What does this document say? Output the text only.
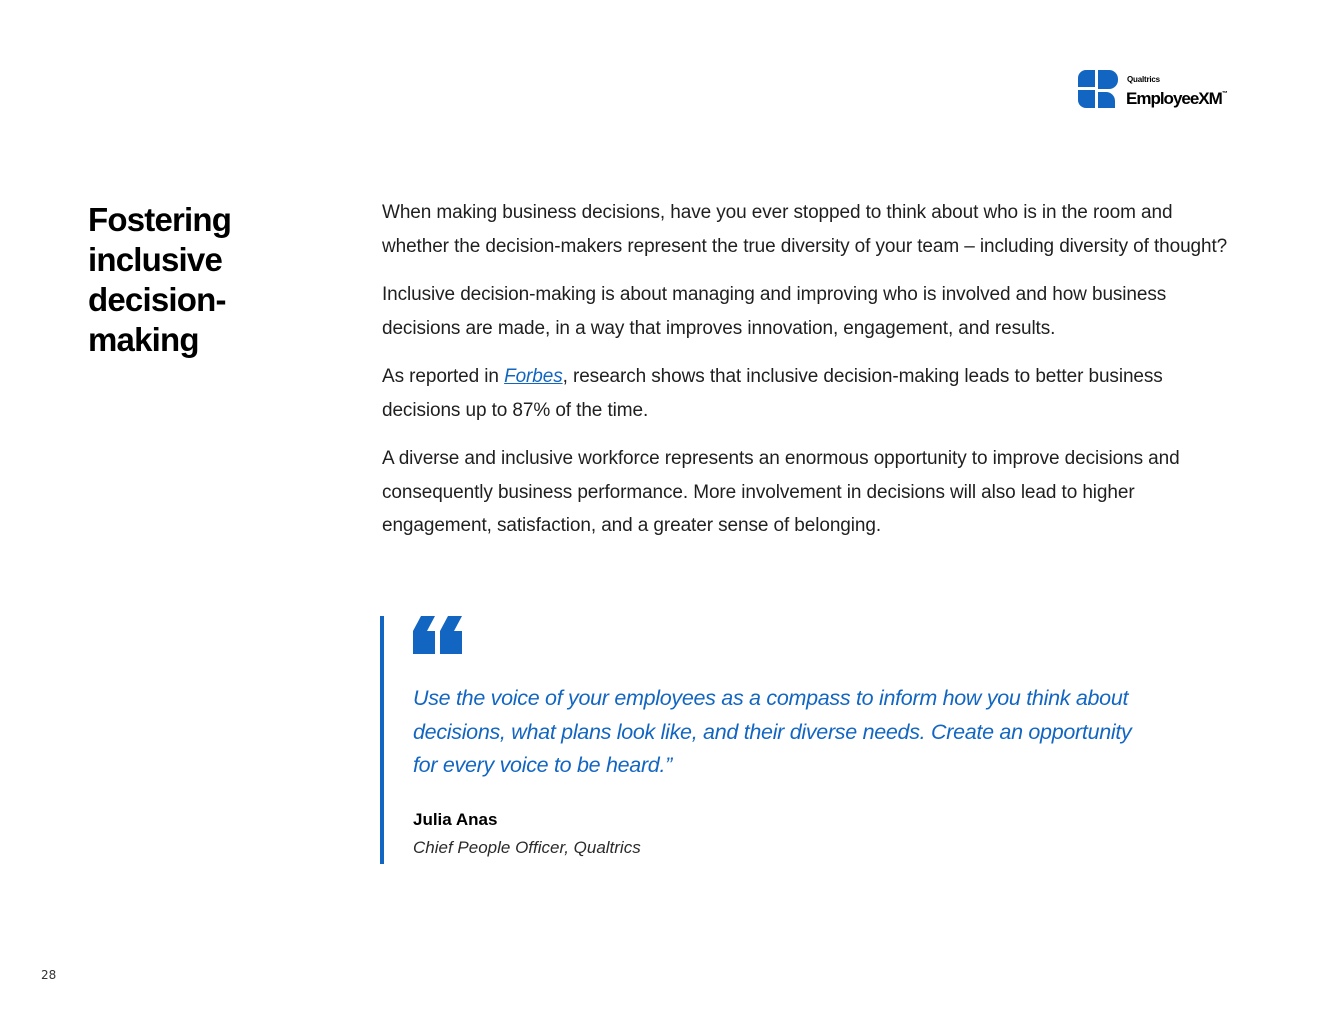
Qualtrics
EmployeeXM™
Fostering
inclusive
decision-
making

When making business decisions, have you ever stopped to think about who is in the room and whether the decision-makers represent the true diversity of your team – including diversity of thought?

Inclusive decision-making is about managing and improving who is involved and how business decisions are made, in a way that improves innovation, engagement, and results.

As reported in Forbes, research shows that inclusive decision-making leads to better business decisions up to 87% of the time.

A diverse and inclusive workforce represents an enormous opportunity to improve decisions and consequently business performance. More involvement in decisions will also lead to higher engagement, satisfaction, and a greater sense of belonging.

Use the voice of your employees as a compass to inform how you think about decisions, what plans look like, and their diverse needs. Create an opportunity for every voice to be heard.”

Julia Anas
Chief People Officer, Qualtrics
28
